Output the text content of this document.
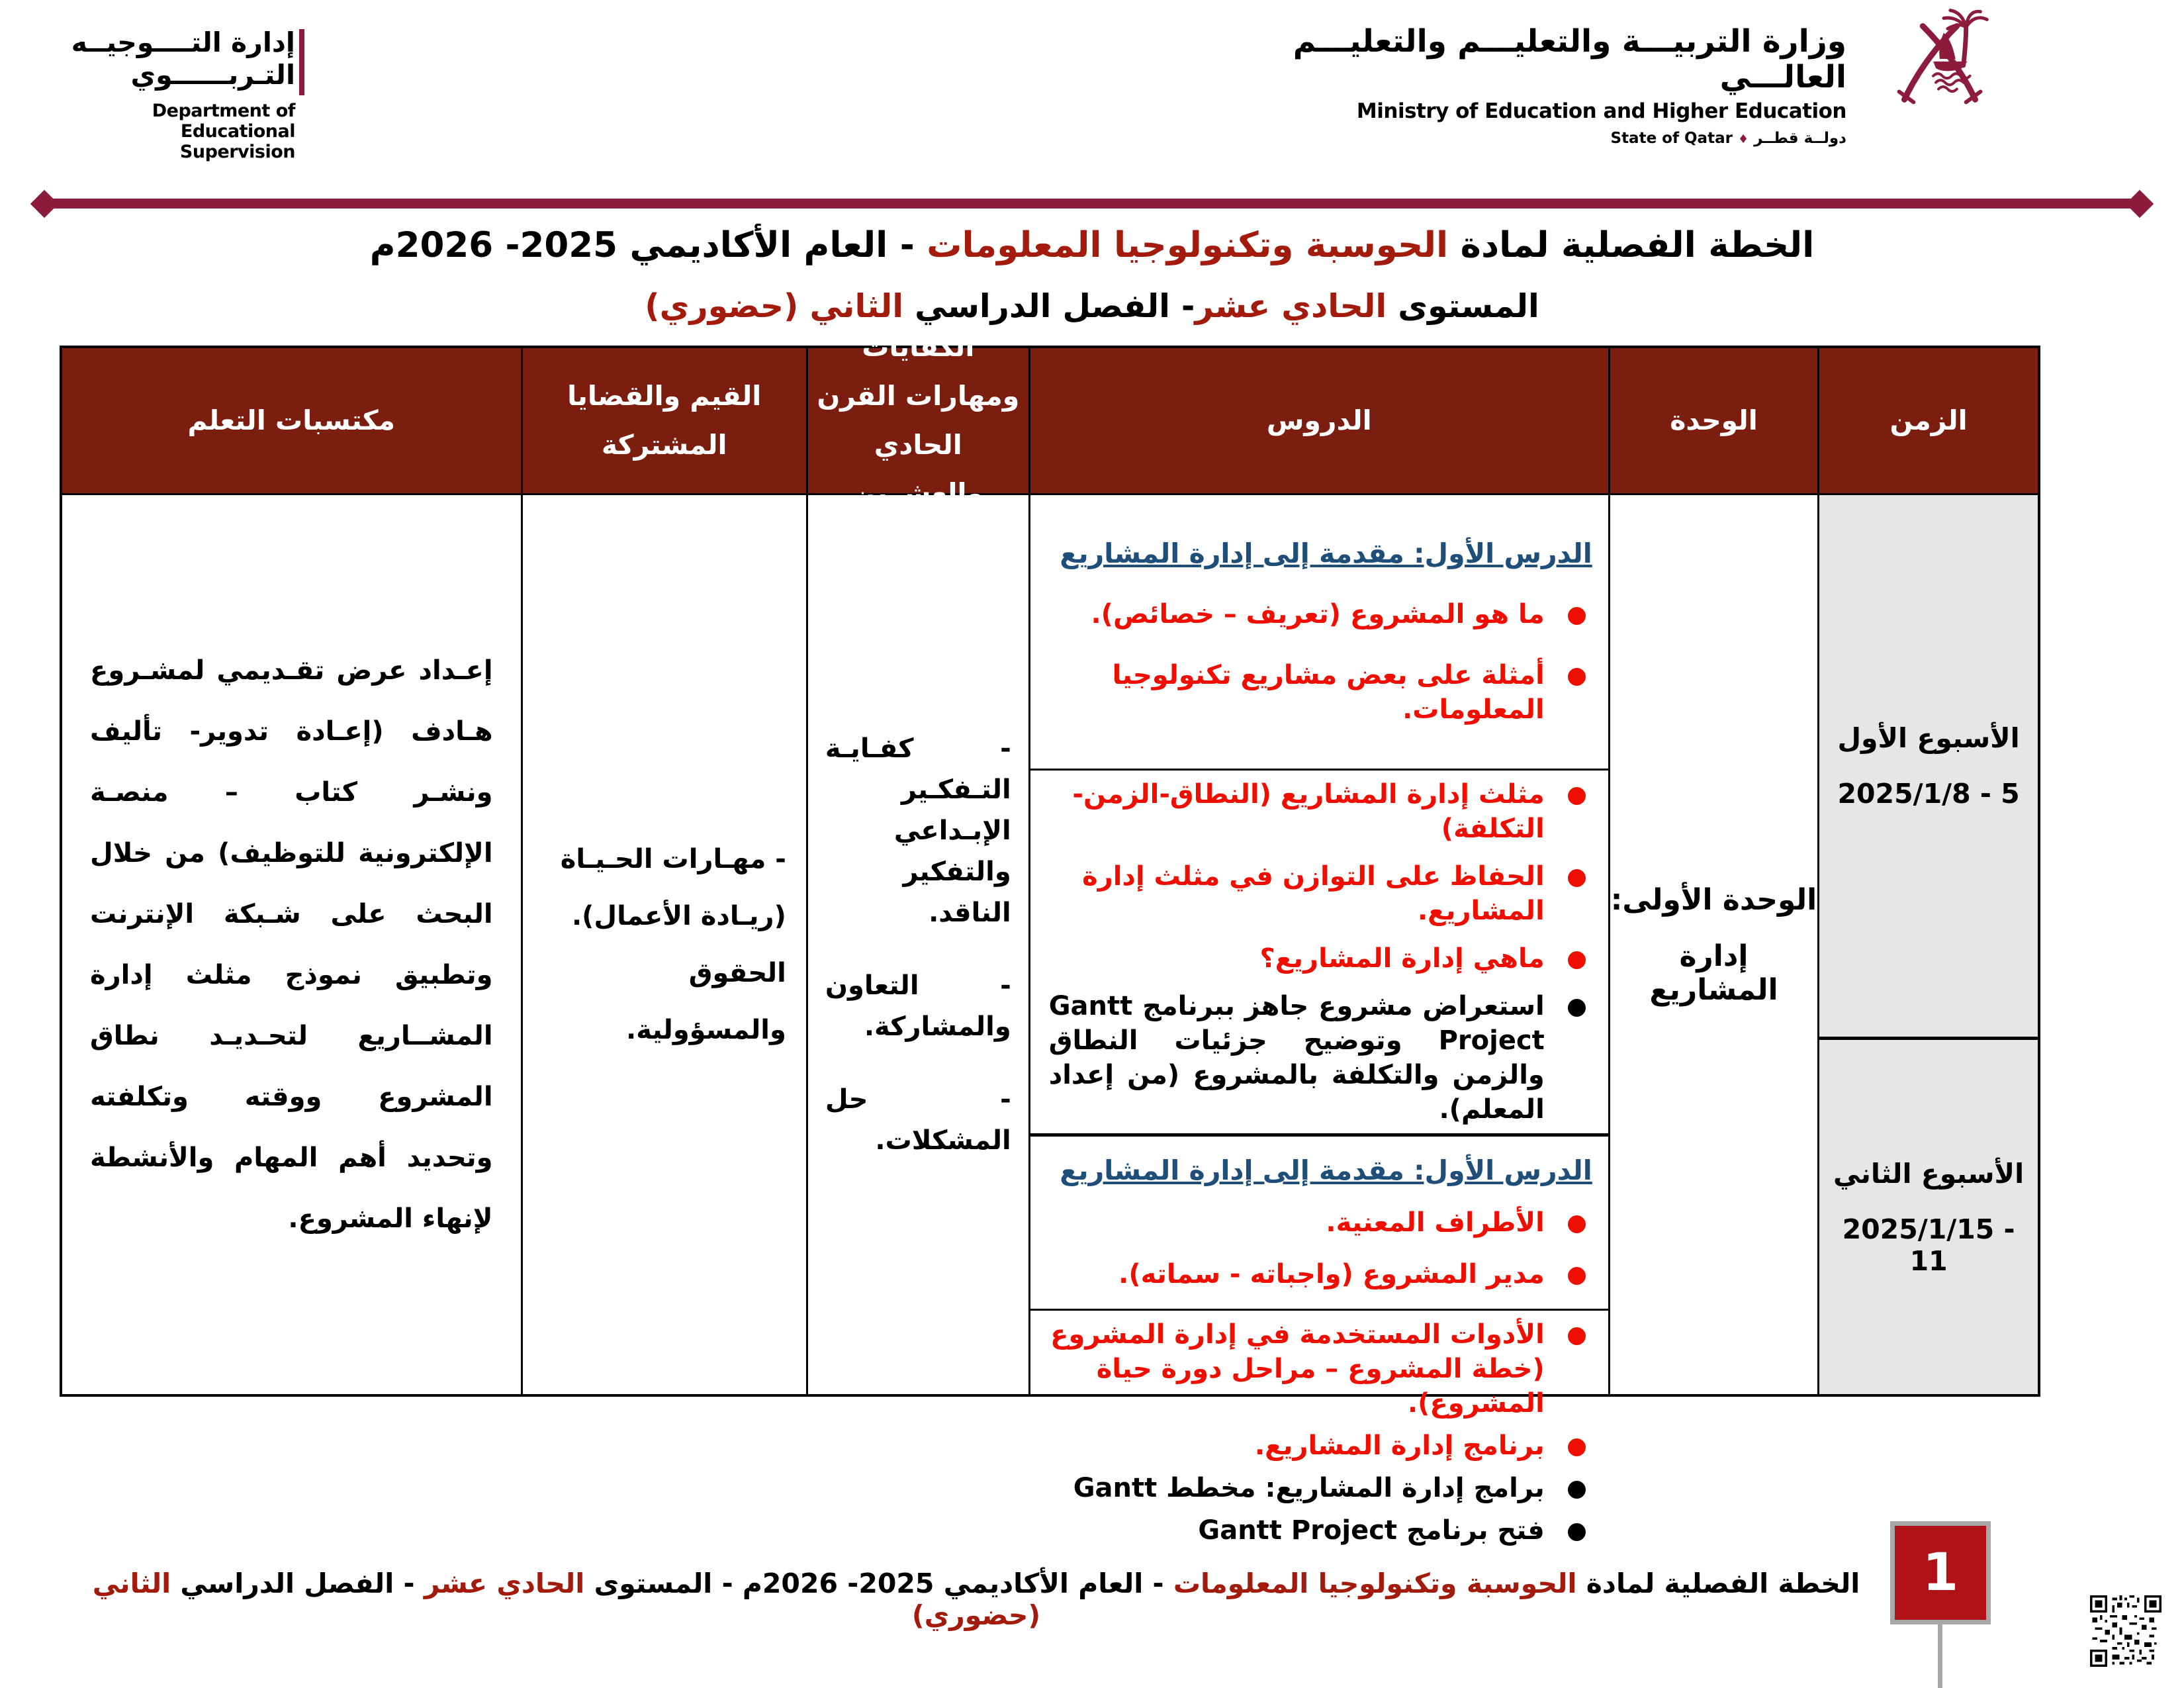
إدارة التــــوجيــه التـربــــــوي
Department of Educational Supervision
وزارة التربيـــة والتعليـــم والتعليـــم العالـــي
Ministry of Education and Higher Education
دولــة قطــر♦State of Qatar
الخطة الفصلية لمادة الحوسبة وتكنولوجيا المعلومات - العام الأكاديمي 2025- 2026م
المستوى الحادي عشر- الفصل الدراسي الثاني (حضوري)
الزمن
الوحدة
الدروس
الكفايات ومهارات القرن الحادي والعشرين
القيم والقضايا المشتركة
مكتسبات التعلم
الأسبوع الأول
2025/1/8 - 5
الأسبوع الثاني
2025/1/15 - 11
الوحدة الأولى:
إدارة المشاريع
الدرس الأول: مقدمة إلى إدارة المشاريع
ما هو المشروع (تعريف – خصائص).
أمثلة على بعض مشاريع تكنولوجيا المعلومات.
مثلث إدارة المشاريع (النطاق-الزمن-التكلفة)
الحفاظ على التوازن في مثلث إدارة المشاريع.
ماهي إدارة المشاريع؟
استعراض مشروع جاهز ببرنامج Gantt Project وتوضيح جزئيات النطاق والزمن والتكلفة بالمشروع (من إعداد المعلم).
الدرس الأول: مقدمة إلى إدارة المشاريع
الأطراف المعنية.
مدير المشروع (واجباته - سماته).
الأدوات المستخدمة في إدارة المشروع (خطة المشروع – مراحل دورة حياة المشروع).
برنامج إدارة المشاريع.
برامج إدارة المشاريع: مخطط Gantt
فتح برنامج Gantt Project
- كفـايـة التـفكـير الإبـداعي والتفكير الناقد.
- التعاون والمشاركة.
- حل المشكلات.
- مهـارات الحـيـاة (ريـادة الأعمال). الحقوق والمسؤولية.
إعـداد عرض تقـديمي لمشـروع هـادف (إعـادة تدوير- تأليف ونشـر كتاب – منصـة الإلكترونية للتوظيف) من خلال البحث على شـبكة الإنترنت وتطبيق نموذج مثلث إدارة المشــاريع لتحـديـد نطاق المشروع ووقته وتكلفته وتحديد أهم المهام والأنشطة لإنهاء المشروع.
الخطة الفصلية لمادة الحوسبة وتكنولوجيا المعلومات - العام الأكاديمي 2025- 2026م - المستوى الحادي عشر - الفصل الدراسي الثاني (حضوري)
1
